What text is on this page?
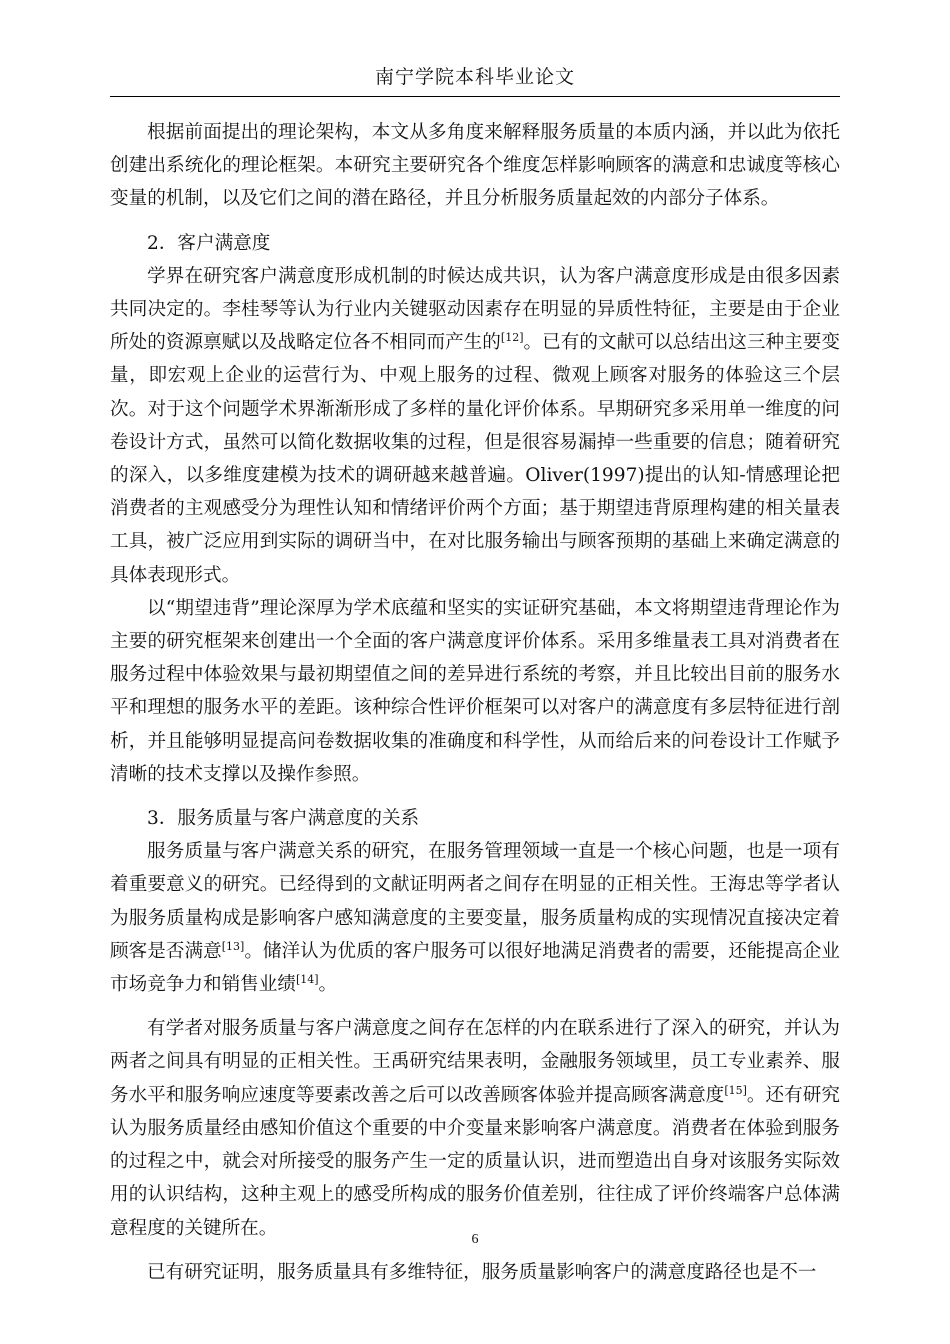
南宁学院本科毕业论文

根据前面提出的理论架构，本文从多角度来解释服务质量的本质内涵，并以此为依托创建出系统化的理论框架。本研究主要研究各个维度怎样影响顾客的满意和忠诚度等核心变量的机制，以及它们之间的潜在路径，并且分析服务质量起效的内部分子体系。

2．客户满意度

学界在研究客户满意度形成机制的时候达成共识，认为客户满意度形成是由很多因素共同决定的。李桂琴等认为行业内关键驱动因素存在明显的异质性特征，主要是由于企业所处的资源禀赋以及战略定位各不相同而产生的[12]。已有的文献可以总结出这三种主要变量，即宏观上企业的运营行为、中观上服务的过程、微观上顾客对服务的体验这三个层次。对于这个问题学术界渐渐形成了多样的量化评价体系。早期研究多采用单一维度的问卷设计方式，虽然可以简化数据收集的过程，但是很容易漏掉一些重要的信息；随着研究的深入，以多维度建模为技术的调研越来越普遍。Oliver(1997)提出的认知-情感理论把消费者的主观感受分为理性认知和情绪评价两个方面；基于期望违背原理构建的相关量表工具，被广泛应用到实际的调研当中，在对比服务输出与顾客预期的基础上来确定满意的具体表现形式。

以“期望违背”理论深厚为学术底蕴和坚实的实证研究基础，本文将期望违背理论作为主要的研究框架来创建出一个全面的客户满意度评价体系。采用多维量表工具对消费者在服务过程中体验效果与最初期望值之间的差异进行系统的考察，并且比较出目前的服务水平和理想的服务水平的差距。该种综合性评价框架可以对客户的满意度有多层特征进行剖析，并且能够明显提高问卷数据收集的准确度和科学性，从而给后来的问卷设计工作赋予清晰的技术支撑以及操作参照。

3．服务质量与客户满意度的关系

服务质量与客户满意关系的研究，在服务管理领域一直是一个核心问题，也是一项有着重要意义的研究。已经得到的文献证明两者之间存在明显的正相关性。王海忠等学者认为服务质量构成是影响客户感知满意度的主要变量，服务质量构成的实现情况直接决定着顾客是否满意[13]。储洋认为优质的客户服务可以很好地满足消费者的需要，还能提高企业市场竞争力和销售业绩[14]。

有学者对服务质量与客户满意度之间存在怎样的内在联系进行了深入的研究，并认为两者之间具有明显的正相关性。王禹研究结果表明，金融服务领域里，员工专业素养、服务水平和服务响应速度等要素改善之后可以改善顾客体验并提高顾客满意度[15]。还有研究认为服务质量经由感知价值这个重要的中介变量来影响客户满意度。消费者在体验到服务的过程之中，就会对所接受的服务产生一定的质量认识，进而塑造出自身对该服务实际效用的认识结构，这种主观上的感受所构成的服务价值差别，往往成了评价终端客户总体满意程度的关键所在。

已有研究证明，服务质量具有多维特征，服务质量影响客户的满意度路径也是不一

6
